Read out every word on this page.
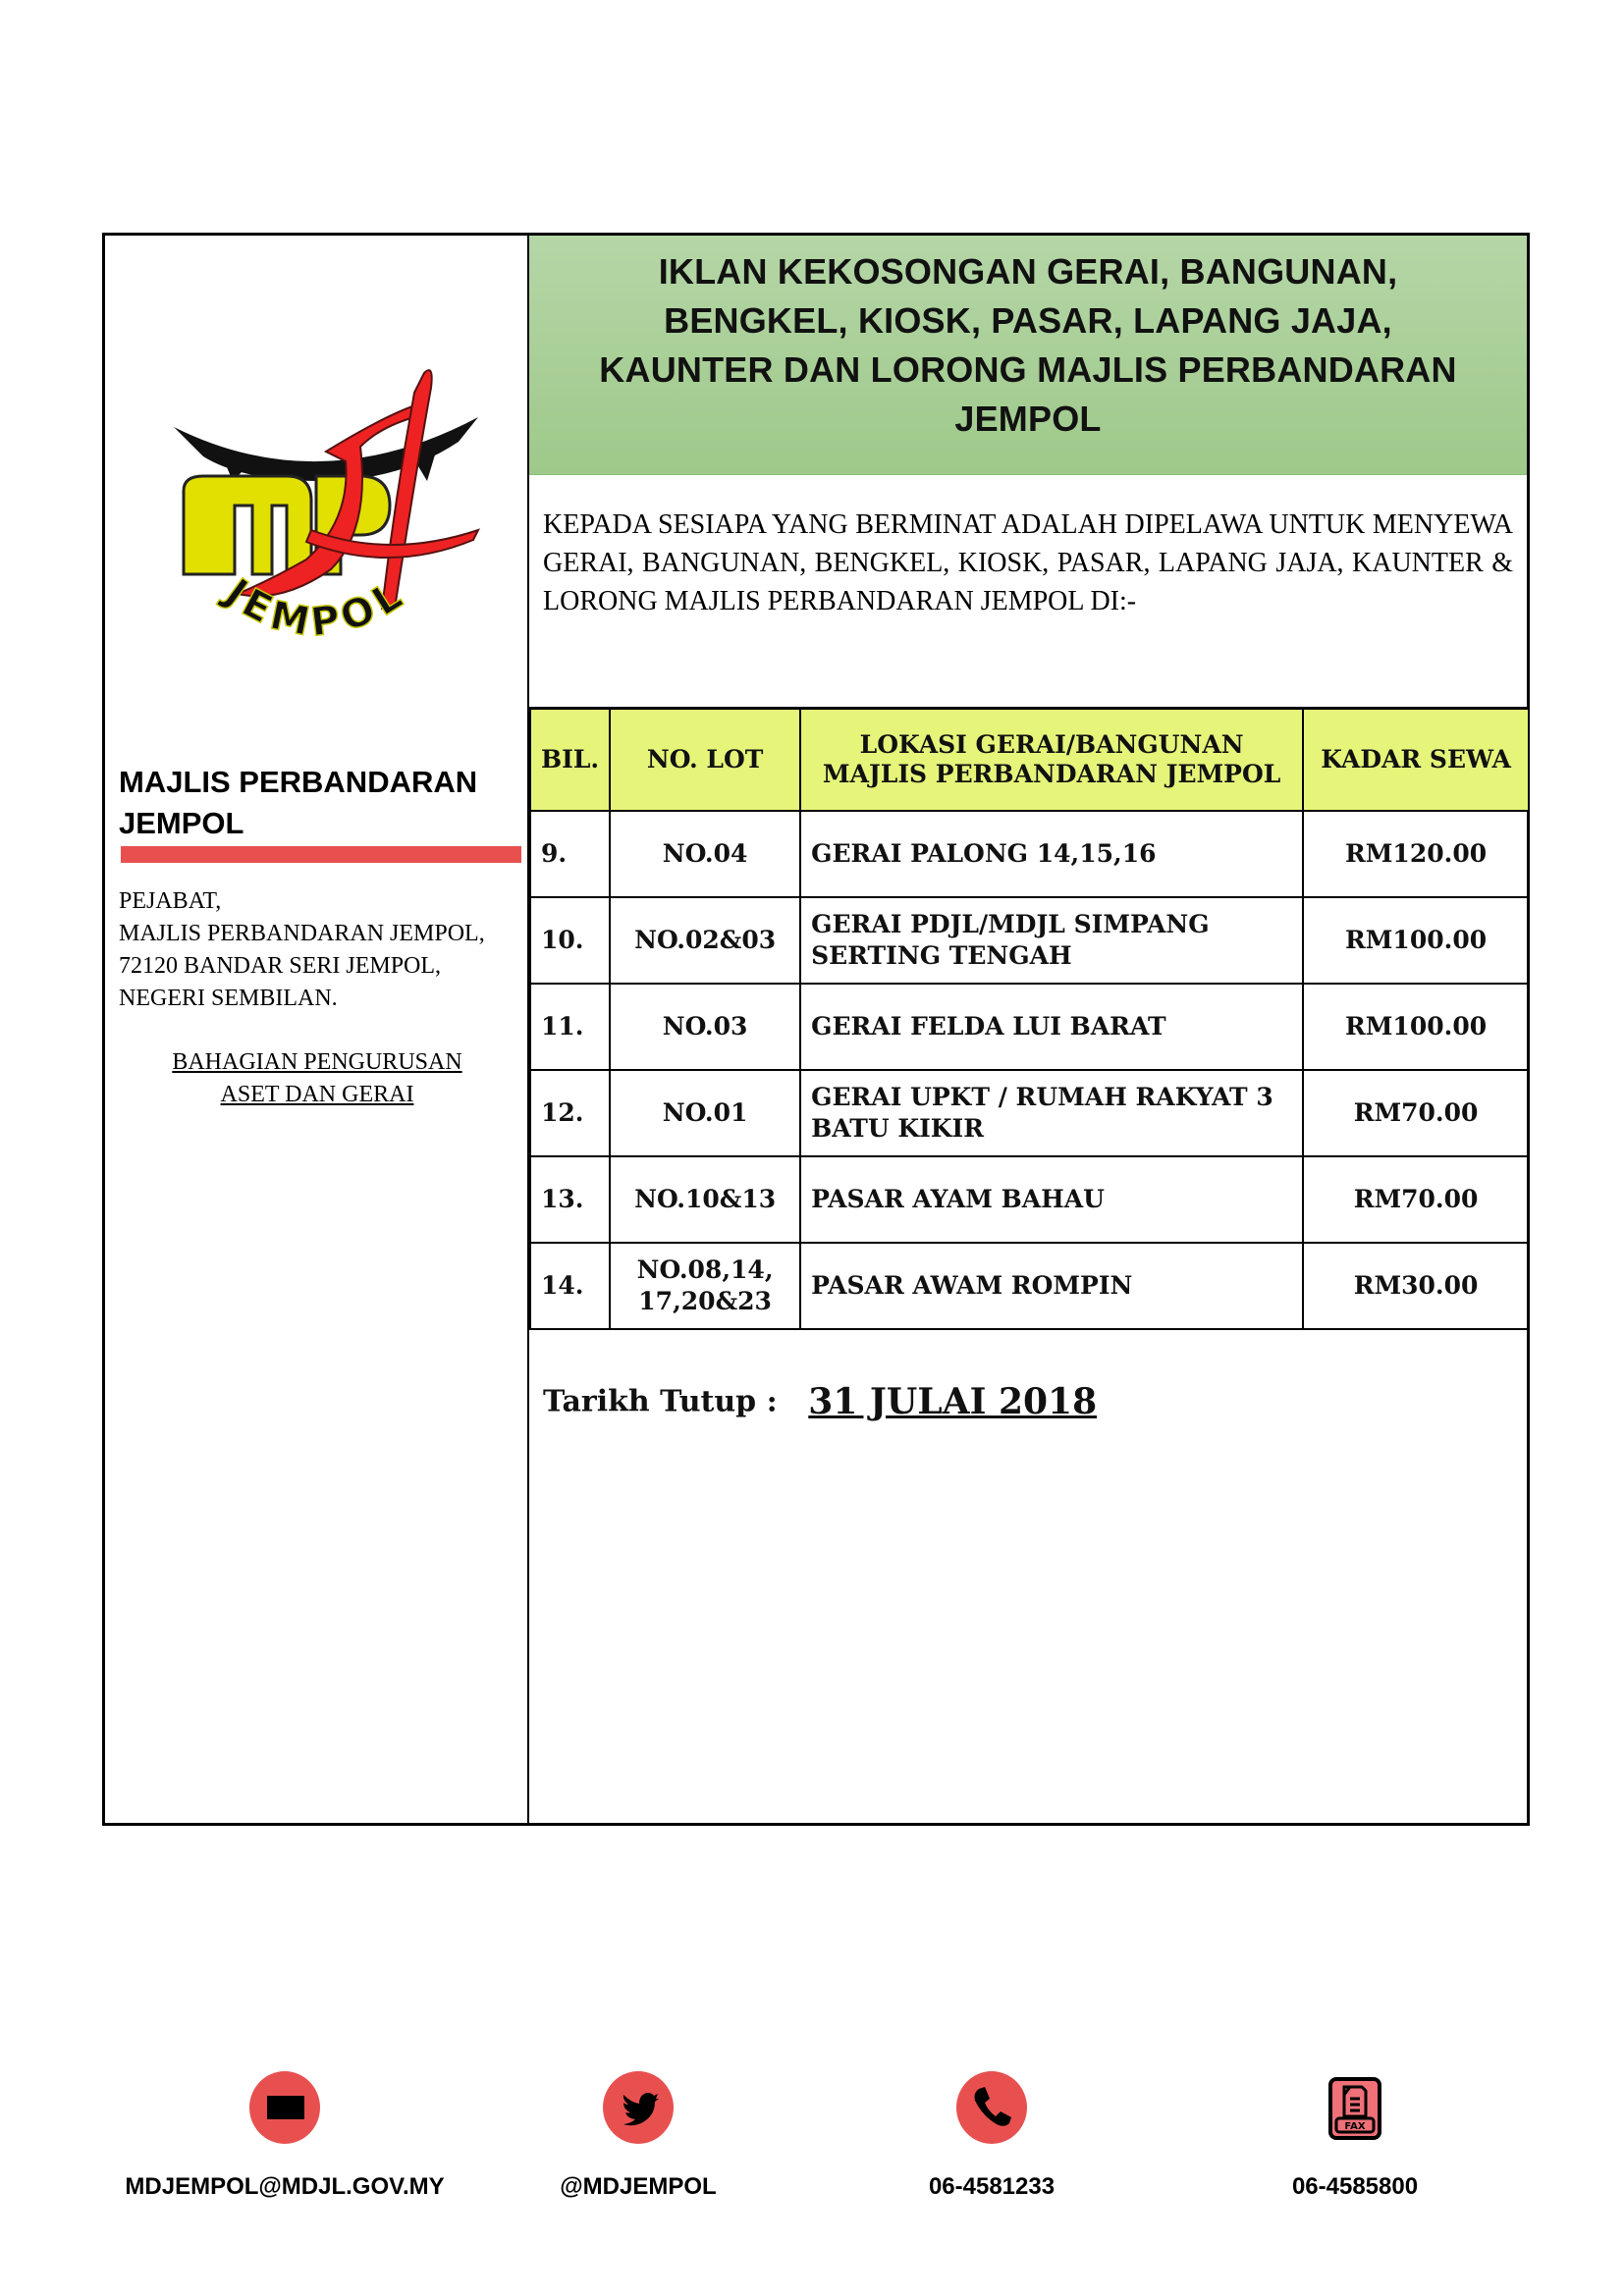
JEMPOL
MAJLIS PERBANDARAN
JEMPOL
PEJABAT,
MAJLIS PERBANDARAN JEMPOL,
72120 BANDAR SERI JEMPOL,
NEGERI SEMBILAN.
BAHAGIAN PENGURUSAN
ASET DAN GERAI
IKLAN KEKOSONGAN GERAI, BANGUNAN,
BENGKEL, KIOSK, PASAR, LAPANG JAJA,
KAUNTER DAN LORONG MAJLIS PERBANDARAN
JEMPOL
KEPADA SESIAPA YANG BERMINAT ADALAH DIPELAWA UNTUK MENYEWA GERAI, BANGUNAN, BENGKEL, KIOSK, PASAR, LAPANG JAJA, KAUNTER & LORONG MAJLIS PERBANDARAN JEMPOL DI:-
BIL.	NO. LOT	LOKASI GERAI/BANGUNAN MAJLIS PERBANDARAN JEMPOL	KADAR SEWA
9.	NO.04	GERAI PALONG 14,15,16	RM120.00
10.	NO.02&03	GERAI PDJL/MDJL SIMPANG SERTING TENGAH	RM100.00
11.	NO.03	GERAI FELDA LUI BARAT	RM100.00
12.	NO.01	GERAI UPKT / RUMAH RAKYAT 3 BATU KIKIR	RM70.00
13.	NO.10&13	PASAR AYAM BAHAU	RM70.00
14.	NO.08,14, 17,20&23	PASAR AWAM ROMPIN	RM30.00
Tarikh Tutup : 31 JULAI 2018
MDJEMPOL@MDJL.GOV.MY	@MDJEMPOL	06-4581233
FAX
06-4585800
